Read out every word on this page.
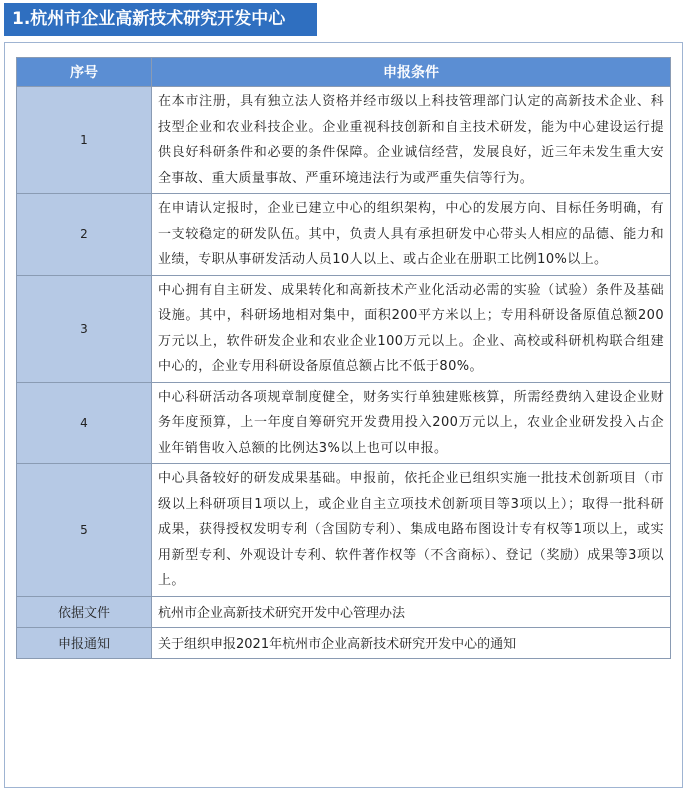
1.杭州市企业高新技术研究开发中心
序号	申报条件
1	在本市注册，具有独立法人资格并经市级以上科技管理部门认定的高新技术企业、科技型企业和农业科技企业。企业重视科技创新和自主技术研发，能为中心建设运行提供良好科研条件和必要的条件保障。企业诚信经营，发展良好，近三年未发生重大安全事故、重大质量事故、严重环境违法行为或严重失信等行为。
2	在申请认定报时，企业已建立中心的组织架构，中心的发展方向、目标任务明确，有一支较稳定的研发队伍。其中，负责人具有承担研发中心带头人相应的品德、能力和业绩，专职从事研发活动人员10人以上、或占企业在册职工比例10%以上。
3	中心拥有自主研发、成果转化和高新技术产业化活动必需的实验（试验）条件及基础设施。其中，科研场地相对集中，面积200平方米以上；专用科研设备原值总额200万元以上，软件研发企业和农业企业100万元以上。企业、高校或科研机构联合组建中心的，企业专用科研设备原值总额占比不低于80%。
4	中心科研活动各项规章制度健全，财务实行单独建账核算，所需经费纳入建设企业财务年度预算，上一年度自筹研究开发费用投入200万元以上，农业企业研发投入占企业年销售收入总额的比例达3%以上也可以申报。
5	中心具备较好的研发成果基础。申报前，依托企业已组织实施一批技术创新项目（市级以上科研项目1项以上，或企业自主立项技术创新项目等3项以上）；取得一批科研成果，获得授权发明专利（含国防专利）、集成电路布图设计专有权等1项以上，或实用新型专利、外观设计专利、软件著作权等（不含商标）、登记（奖励）成果等3项以上。
依据文件	杭州市企业高新技术研究开发中心管理办法
申报通知	关于组织申报2021年杭州市企业高新技术研究开发中心的通知
